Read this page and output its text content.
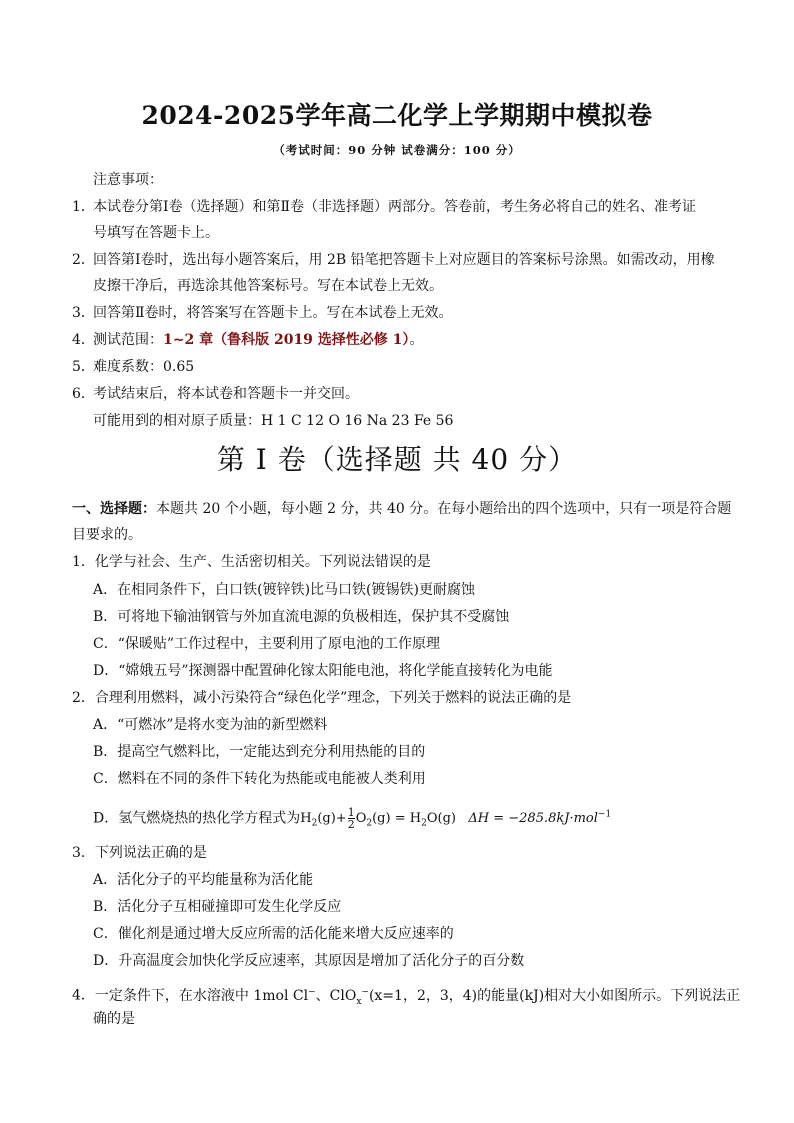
2024-2025学年高二化学上学期期中模拟卷
（考试时间：90 分钟 试卷满分：100 分）
注意事项：
1．
本试卷分第Ⅰ卷（选择题）和第Ⅱ卷（非选择题）两部分。答卷前，考生务必将自己的姓名、准考证
号填写在答题卡上。
2．
回答第Ⅰ卷时，选出每小题答案后，用 2B 铅笔把答题卡上对应题目的答案标号涂黑。如需改动，用橡
皮擦干净后，再选涂其他答案标号。写在本试卷上无效。
3．
回答第Ⅱ卷时，将答案写在答题卡上。写在本试卷上无效。
4．
测试范围：1~2 章（鲁科版 2019 选择性必修 1）。
5．
难度系数：0.65
6．
考试结束后，将本试卷和答题卡一并交回。
可能用到的相对原子质量：H 1 C 12 O 16 Na 23 Fe 56
第 I 卷（选择题 共 40 分）
一、选择题：本题共 20 个小题，每小题 2 分，共 40 分。在每小题给出的四个选项中，只有一项是符合题目要求的。
1．化学与社会、生产、生活密切相关。下列说法错误的是
A．在相同条件下，白口铁(镀锌铁)比马口铁(镀锡铁)更耐腐蚀
B．可将地下输油钢管与外加直流电源的负极相连，保护其不受腐蚀
C．“保暖贴”工作过程中，主要利用了原电池的工作原理
D．“嫦娥五号”探测器中配置砷化镓太阳能电池，将化学能直接转化为电能
2．合理利用燃料，减小污染符合“绿色化学”理念，下列关于燃料的说法正确的是
A．“可燃冰”是将水变为油的新型燃料
B．提高空气燃料比，一定能达到充分利用热能的目的
C．燃料在不同的条件下转化为热能或电能被人类利用
D．氢气燃烧热的热化学方程式为$H_2(g)+ \frac{1}{2} O_2(g) = H_2O(g) \Delta H = -285.8kJ\cdot mol^{-1}$
3．下列说法正确的是
A．活化分子的平均能量称为活化能
B．活化分子互相碰撞即可发生化学反应
C．催化剂是通过增大反应所需的活化能来增大反应速率的
D．升高温度会加快化学反应速率，其原因是增加了活化分子的百分数
4．一定条件下，在水溶液中 1mol Cl−、ClO$_x$−(x=1，2，3，4)的能量(kJ)相对大小如图所示。下列说法正
确的是
